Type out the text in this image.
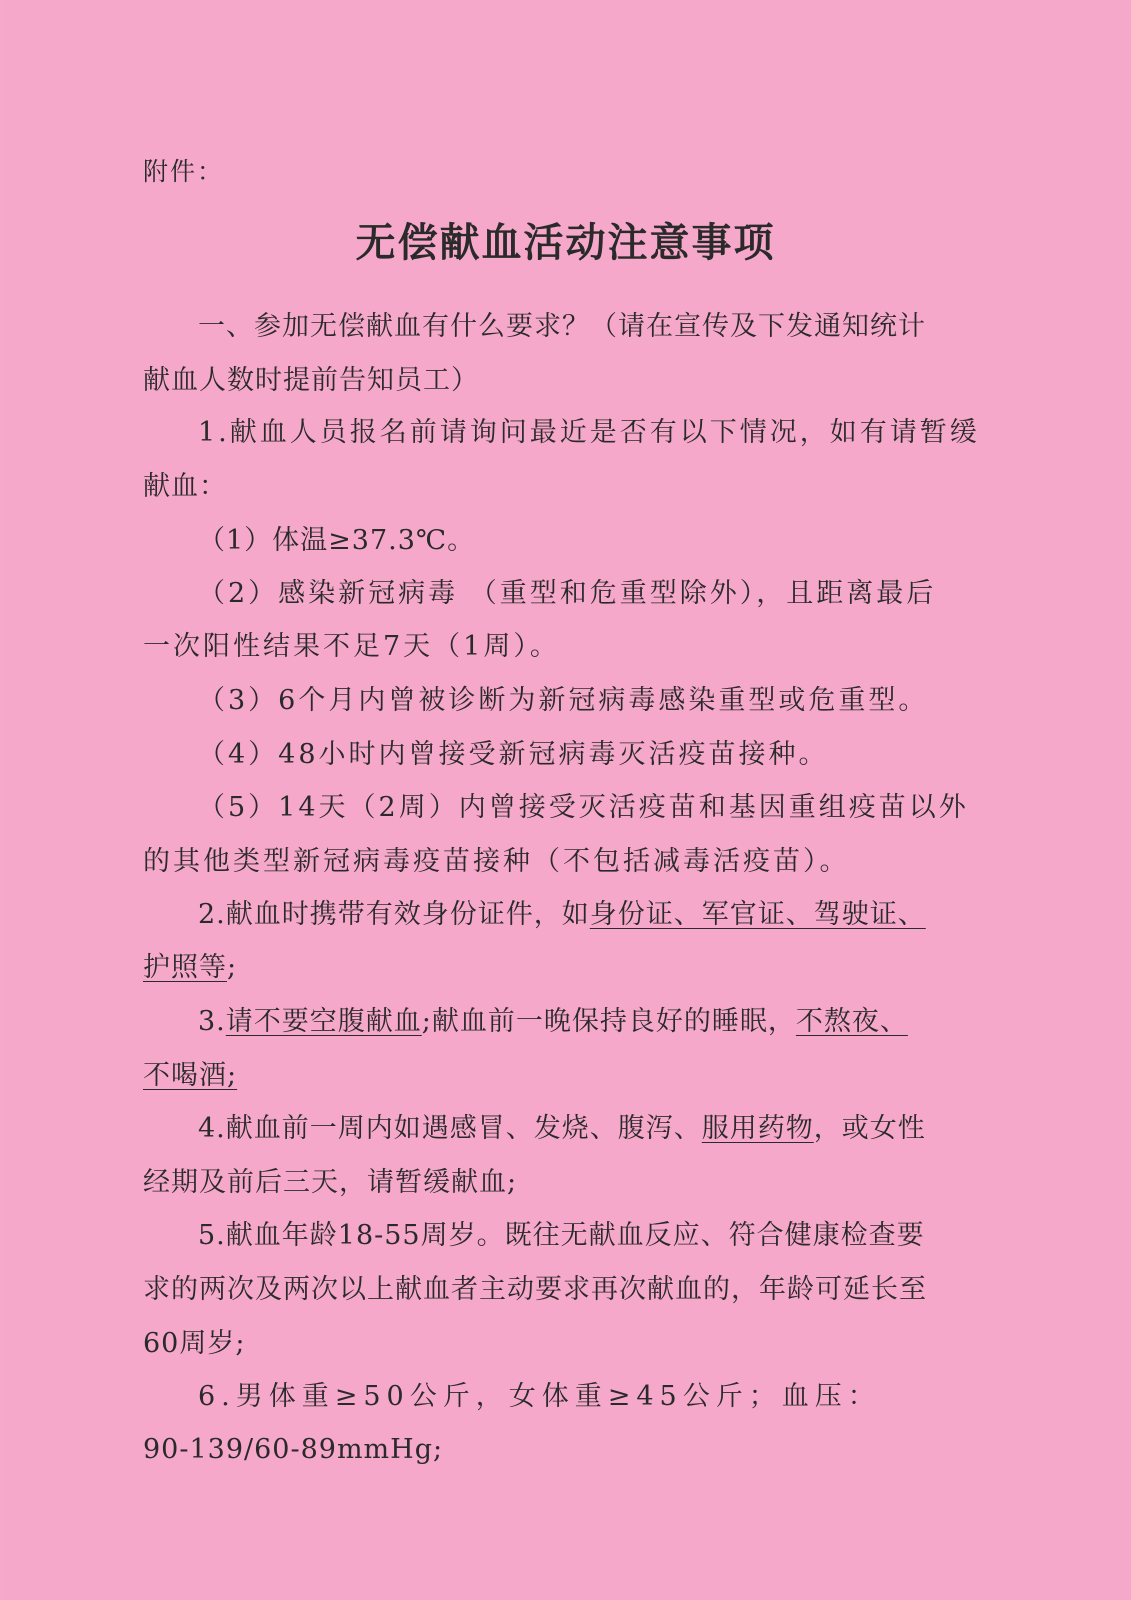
附件：
无偿献血活动注意事项
一、参加无偿献血有什么要求？（请在宣传及下发通知统计
献血人数时提前告知员工）
1.献血人员报名前请询问最近是否有以下情况，如有请暂缓
献血：
（1）体温≥37.3℃。
（2）感染新冠病毒 （重型和危重型除外），且距离最后
一次阳性结果不足7天（1周）。
（3）6个月内曾被诊断为新冠病毒感染重型或危重型。
（4）48小时内曾接受新冠病毒灭活疫苗接种。
（5）14天（2周）内曾接受灭活疫苗和基因重组疫苗以外
的其他类型新冠病毒疫苗接种（不包括减毒活疫苗）。
2.献血时携带有效身份证件，如身份证、军官证、驾驶证、
护照等;
3.请不要空腹献血;献血前一晚保持良好的睡眠，不熬夜、
不喝酒;
4.献血前一周内如遇感冒、发烧、腹泻、服用药物，或女性
经期及前后三天，请暂缓献血;
5.献血年龄18-55周岁。既往无献血反应、符合健康检查要
求的两次及两次以上献血者主动要求再次献血的，年龄可延长至
60周岁;
6.男体重≥50公斤，女体重≥45公斤；血压：
90-139/60-89mmHg;
